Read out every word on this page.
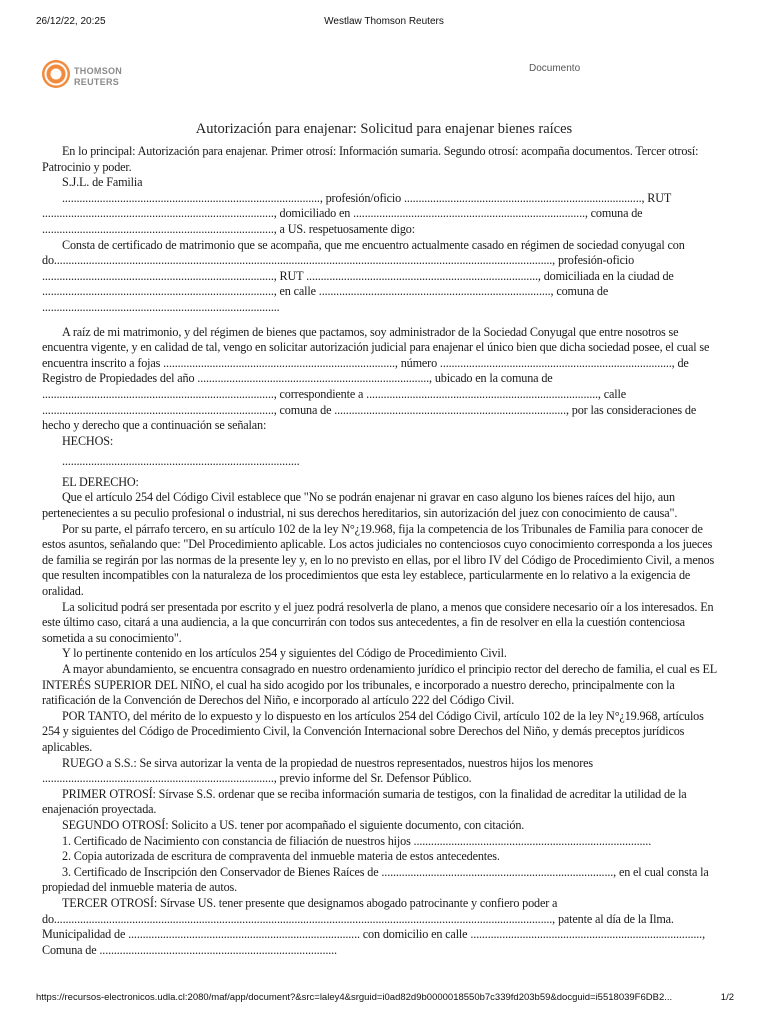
26/12/22, 20:25	Westlaw Thomson Reuters
THOMSON
REUTERS
Documento
Autorización para enajenar: Solicitud para enajenar bienes raíces

En lo principal: Autorización para enajenar. Primer otrosí: Información sumaria. Segundo otrosí: acompaña documentos. Tercer otrosí: Patrocinio y poder.

S.J.L. de Familia

........................................................................................., profesión/oficio .................................................................................., RUT ................................................................................, domiciliado en ................................................................................, comuna de ................................................................................, a US. respetuosamente digo:

Consta de certificado de matrimonio que se acompaña, que me encuentro actualmente casado en régimen de sociedad conyugal con do............................................................................................................................................................................, profesión-oficio ................................................................................, RUT ................................................................................, domiciliada en la ciudad de ................................................................................, en calle ................................................................................, comuna de ..................................................................................

A raíz de mi matrimonio, y del régimen de bienes que pactamos, soy administrador de la Sociedad Conyugal que entre nosotros se encuentra vigente, y en calidad de tal, vengo en solicitar autorización judicial para enajenar el único bien que dicha sociedad posee, el cual se encuentra inscrito a fojas ................................................................................, número ................................................................................, de Registro de Propiedades del año ................................................................................, ubicado en la comuna de ................................................................................, correspondiente a ................................................................................, calle ................................................................................, comuna de ................................................................................, por las consideraciones de hecho y derecho que a continuación se señalan:

HECHOS:

..................................................................................

EL DERECHO:

Que el artículo 254 del Código Civil establece que "No se podrán enajenar ni gravar en caso alguno los bienes raíces del hijo, aun pertenecientes a su peculio profesional o industrial, ni sus derechos hereditarios, sin autorización del juez con conocimiento de causa".

Por su parte, el párrafo tercero, en su artículo 102 de la ley N°¿19.968, fija la competencia de los Tribunales de Familia para conocer de estos asuntos, señalando que: "Del Procedimiento aplicable. Los actos judiciales no contenciosos cuyo conocimiento corresponda a los jueces de familia se regirán por las normas de la presente ley y, en lo no previsto en ellas, por el libro IV del Código de Procedimiento Civil, a menos que resulten incompatibles con la naturaleza de los procedimientos que esta ley establece, particularmente en lo relativo a la exigencia de oralidad.

La solicitud podrá ser presentada por escrito y el juez podrá resolverla de plano, a menos que considere necesario oír a los interesados. En este último caso, citará a una audiencia, a la que concurrirán con todos sus antecedentes, a fin de resolver en ella la cuestión contenciosa sometida a su conocimiento".

Y lo pertinente contenido en los artículos 254 y siguientes del Código de Procedimiento Civil.

A mayor abundamiento, se encuentra consagrado en nuestro ordenamiento jurídico el principio rector del derecho de familia, el cual es EL INTERÉS SUPERIOR DEL NIÑO, el cual ha sido acogido por los tribunales, e incorporado a nuestro derecho, principalmente con la ratificación de la Convención de Derechos del Niño, e incorporado al artículo 222 del Código Civil.

POR TANTO, del mérito de lo expuesto y lo dispuesto en los artículos 254 del Código Civil, artículo 102 de la ley N°¿19.968, artículos 254 y siguientes del Código de Procedimiento Civil, la Convención Internacional sobre Derechos del Niño, y demás preceptos jurídicos aplicables.

RUEGO a S.S.: Se sirva autorizar la venta de la propiedad de nuestros representados, nuestros hijos los menores ................................................................................, previo informe del Sr. Defensor Público.

PRIMER OTROSÍ: Sírvase S.S. ordenar que se reciba información sumaria de testigos, con la finalidad de acreditar la utilidad de la enajenación proyectada.

SEGUNDO OTROSÍ: Solicito a US. tener por acompañado el siguiente documento, con citación.

1. Certificado de Nacimiento con constancia de filiación de nuestros hijos ..................................................................................

2. Copia autorizada de escritura de compraventa del inmueble materia de estos antecedentes.

3. Certificado de Inscripción den Conservador de Bienes Raíces de ................................................................................, en el cual consta la propiedad del inmueble materia de autos.

TERCER OTROSÍ: Sírvase US. tener presente que designamos abogado patrocinante y confiero poder a do............................................................................................................................................................................, patente al día de la Ilma. Municipalidad de ................................................................................ con domicilio en calle ................................................................................, Comuna de ..................................................................................

https://recursos-electronicos.udla.cl:2080/maf/app/document?&src=laley4&srguid=i0ad82d9b0000018550b7c339fd203b59&docguid=i5518039F6DB2...	1/2
